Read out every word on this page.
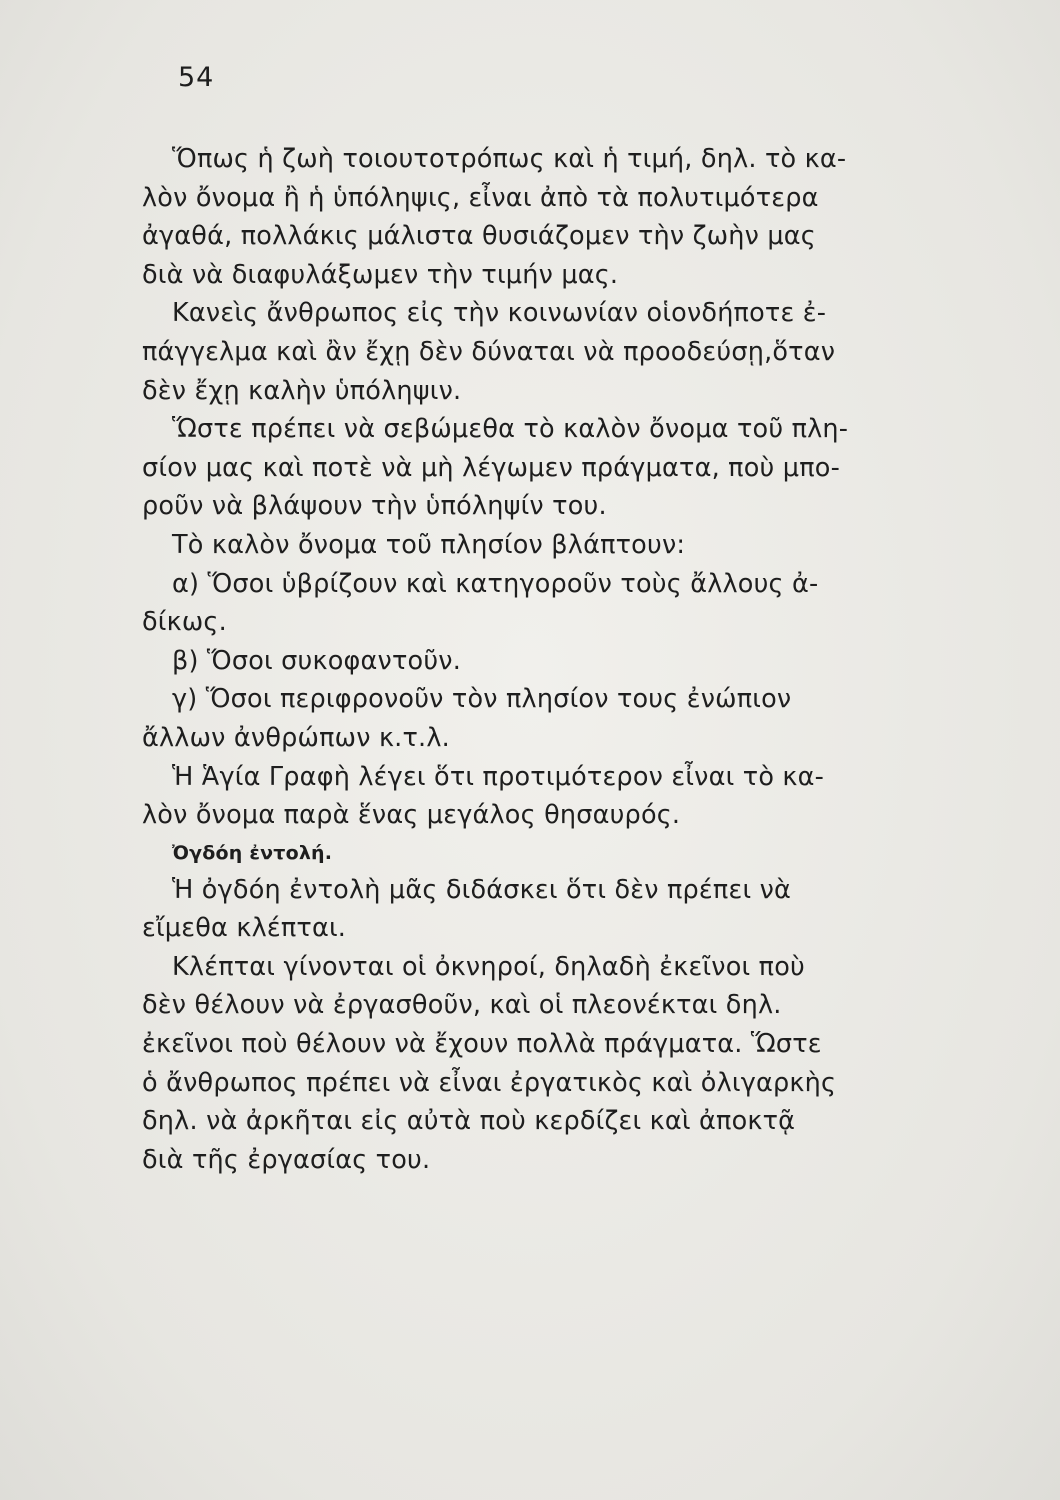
54
Ὅπως ἡ ζωὴ τοιουτοτρόπως καὶ ἡ τιμή, δηλ. τὸ κα-
λὸν ὄνομα ἢ ἡ ὑπόληψις, εἶναι ἀπὸ τὰ πολυτιμότερα
ἀγαθά, πολλάκις μάλιστα θυσιάζομεν τὴν ζωὴν μας
διὰ νὰ διαφυλάξωμεν τὴν τιμήν μας.
Κανεὶς ἄνθρωπος εἰς τὴν κοινωνίαν οἱονδήποτε ἐ-
πάγγελμα καὶ ἂν ἔχῃ δὲν δύναται νὰ προοδεύσῃ,ὅταν
δὲν ἔχῃ καλὴν ὑπόληψιν.
Ὥστε πρέπει νὰ σεβώμεθα τὸ καλὸν ὄνομα τοῦ πλη-
σίον μας καὶ ποτὲ νὰ μὴ λέγωμεν πράγματα, ποὺ μπο-
ροῦν νὰ βλάψουν τὴν ὑπόληψίν του.
Τὸ καλὸν ὄνομα τοῦ πλησίον βλάπτουν:
α) Ὅσοι ὑβρίζουν καὶ κατηγοροῦν τοὺς ἄλλους ἀ-
δίκως.
β) Ὅσοι συκοφαντοῦν.
γ) Ὅσοι περιφρονοῦν τὸν πλησίον τους ἐνώπιον
ἄλλων ἀνθρώπων κ.τ.λ.
Ἡ Ἁγία Γραφὴ λέγει ὅτι προτιμότερον εἶναι τὸ κα-
λὸν ὄνομα παρὰ ἕνας μεγάλος θησαυρός.
Ὀγδόη ἐντολή.
Ἡ ὀγδόη ἐντολὴ μᾶς διδάσκει ὅτι δὲν πρέπει νὰ
εἴμεθα κλέπται.
Κλέπται γίνονται οἱ ὀκνηροί, δηλαδὴ ἐκεῖνοι ποὺ
δὲν θέλουν νὰ ἐργασθοῦν, καὶ οἱ πλεονέκται δηλ.
ἐκεῖνοι ποὺ θέλουν νὰ ἔχουν πολλὰ πράγματα. Ὥστε
ὁ ἄνθρωπος πρέπει νὰ εἶναι ἐργατικὸς καὶ ὀλιγαρκὴς
δηλ. νὰ ἀρκῆται εἰς αὐτὰ ποὺ κερδίζει καὶ ἀποκτᾷ
διὰ τῆς ἐργασίας του.
